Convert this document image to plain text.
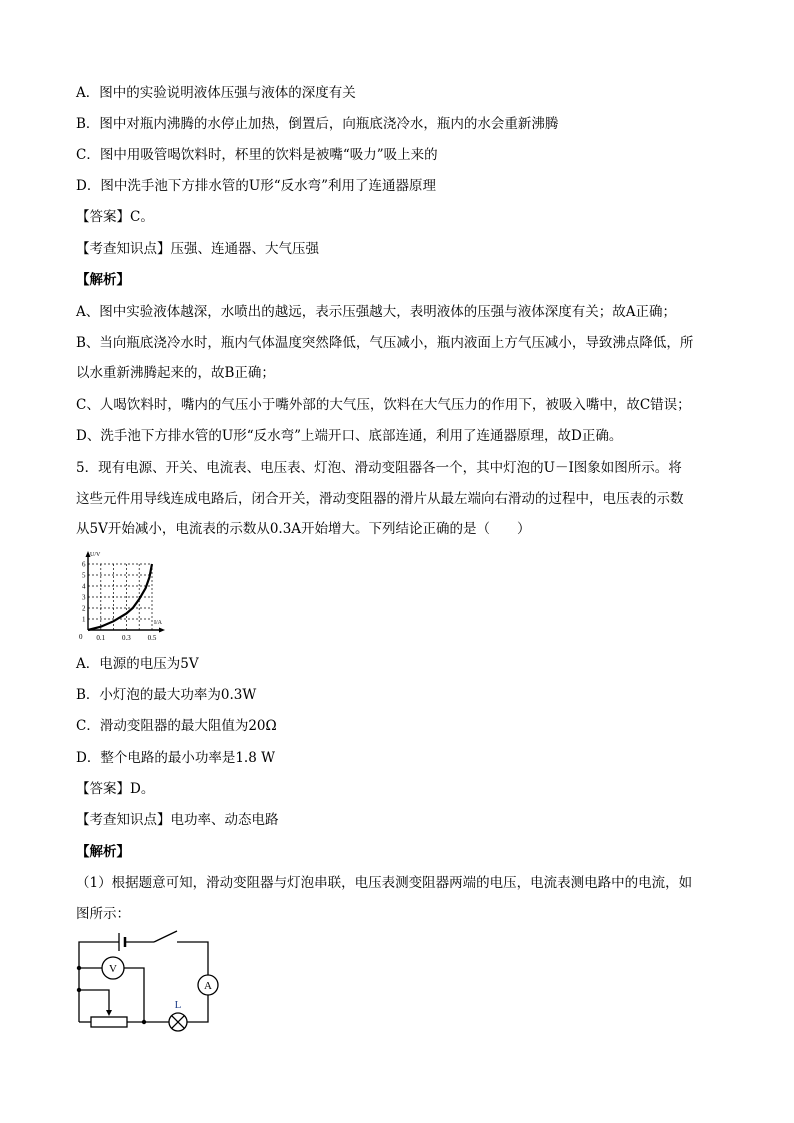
A．图中的实验说明液体压强与液体的深度有关

B．图中对瓶内沸腾的水停止加热，倒置后，向瓶底浇冷水，瓶内的水会重新沸腾

C．图中用吸管喝饮料时，杯里的饮料是被嘴“吸力”吸上来的

D．图中洗手池下方排水管的U形“反水弯”利用了连通器原理

【答案】C。

【考查知识点】压强、连通器、大气压强

【解析】

A、图中实验液体越深，水喷出的越远，表示压强越大，表明液体的压强与液体深度有关；故A正确；

B、当向瓶底浇冷水时，瓶内气体温度突然降低，气压减小，瓶内液面上方气压减小，导致沸点降低，所

以水重新沸腾起来的，故B正确；

C、人喝饮料时，嘴内的气压小于嘴外部的大气压，饮料在大气压力的作用下，被吸入嘴中，故C错误；

D、洗手池下方排水管的U形“反水弯”上端开口、底部连通，利用了连通器原理，故D正确。

5．现有电源、开关、电流表、电压表、灯泡、滑动变阻器各一个，其中灯泡的U－I图象如图所示。将

这些元件用导线连成电路后，闭合开关，滑动变阻器的滑片从最左端向右滑动的过程中，电压表的示数

从5V开始减小，电流表的示数从0.3A开始增大。下列结论正确的是（　　）

U/V
I/A
0
1
2
3
4
5
6
0.1 0.3 0.5

A．电源的电压为5V

B．小灯泡的最大功率为0.3W

C．滑动变阻器的最大阻值为20Ω

D．整个电路的最小功率是1.8 W

【答案】D。

【考查知识点】电功率、动态电路

【解析】

（1）根据题意可知，滑动变阻器与灯泡串联，电压表测变阻器两端的电压，电流表测电路中的电流，如

图所示：

V
A
L
